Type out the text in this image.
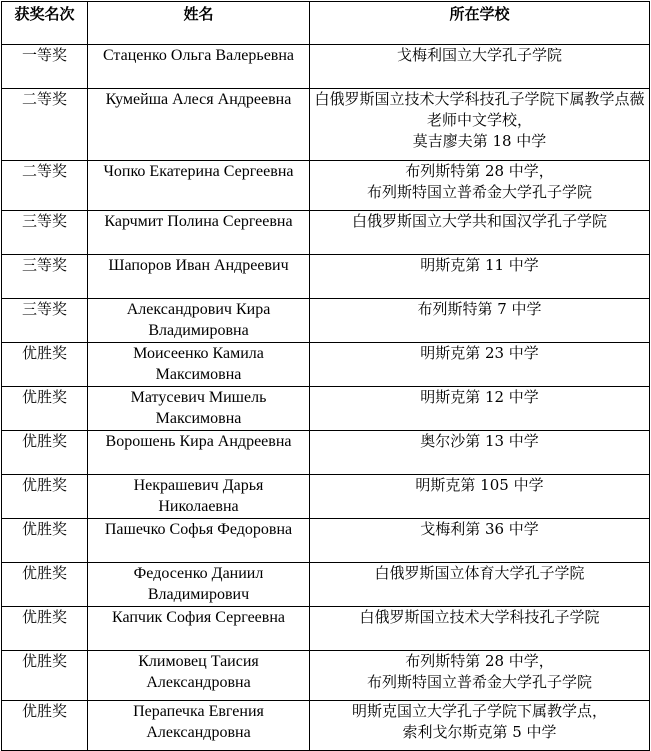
获奖名次	姓名	所在学校
一等奖	Стаценко Ольга Валерьевна	戈梅利国立大学孔子学院
二等奖	Кумейша Алеся Андреевна	白俄罗斯国立技术大学科技孔子学院下属教学点薇老师中文学校，
莫吉廖夫第 18 中学
二等奖	Чопко Екатерина Сергеевна	布列斯特第 28 中学，
布列斯特国立普希金大学孔子学院
三等奖	Карчмит Полина Сергеевна	白俄罗斯国立大学共和国汉学孔子学院
三等奖	Шапоров Иван Андреевич	明斯克第 11 中学
三等奖	Александрович Кира Владимировна	布列斯特第 7 中学
优胜奖	Моисеенко Камила Максимовна	明斯克第 23 中学
优胜奖	Матусевич Мишель Максимовна	明斯克第 12 中学
优胜奖	Ворошень Кира Андреевна	奥尔沙第 13 中学
优胜奖	Некрашевич Дарья Николаевна	明斯克第 105 中学
优胜奖	Пашечко Софья Федоровна	戈梅利第 36 中学
优胜奖	Федосенко Даниил Владимирович	白俄罗斯国立体育大学孔子学院
优胜奖	Капчик София Сергеевна	白俄罗斯国立技术大学科技孔子学院
优胜奖	Климовец Таисия Александровна	布列斯特第 28 中学，
布列斯特国立普希金大学孔子学院
优胜奖	Перапечка Евгения Александровна	明斯克国立大学孔子学院下属教学点，
索利戈尔斯克第 5 中学
